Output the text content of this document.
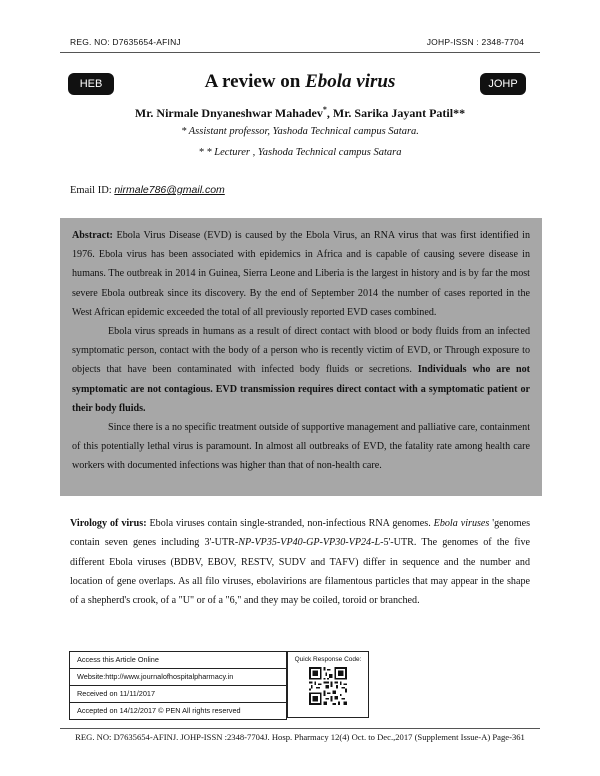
REG. NO: D7635654-AFINJ	JOHP-ISSN : 2348-7704
HEB	JOHP
A review on Ebola virus
Mr. Nirmale Dnyaneshwar Mahadev*, Mr. Sarika Jayant Patil**
* Assistant professor, Yashoda Technical campus Satara.
* * Lecturer , Yashoda Technical campus Satara
Email ID: nirmale786@gmail.com

Abstract: Ebola Virus Disease (EVD) is caused by the Ebola Virus, an RNA virus that was first identified in 1976. Ebola virus has been associated with epidemics in Africa and is capable of causing severe disease in humans. The outbreak in 2014 in Guinea, Sierra Leone and Liberia is the largest in history and is by far the most severe Ebola outbreak since its discovery. By the end of September 2014 the number of cases reported in the West African epidemic exceeded the total of all previously reported EVD cases combined.

Ebola virus spreads in humans as a result of direct contact with blood or body fluids from an infected symptomatic person, contact with the body of a person who is recently victim of EVD, or Through exposure to objects that have been contaminated with infected body fluids or secretions. Individuals who are not symptomatic are not contagious. EVD transmission requires direct contact with a symptomatic patient or their body fluids.

Since there is a no specific treatment outside of supportive management and palliative care, containment of this potentially lethal virus is paramount. In almost all outbreaks of EVD, the fatality rate among health care workers with documented infections was higher than that of non-health care.

Virology of virus: Ebola viruses contain single-stranded, non-infectious RNA genomes. Ebola viruses 'genomes contain seven genes including 3'-UTR-NP-VP35-VP40-GP-VP30-VP24-L-5'-UTR. The genomes of the five different Ebola viruses (BDBV, EBOV, RESTV, SUDV and TAFV) differ in sequence and the number and location of gene overlaps. As all filo viruses, ebolavirions are filamentous particles that may appear in the shape of a shepherd's crook, of a "U" or of a "6," and they may be coiled, toroid or branched.
Access this Article Online
Website:http://www.journalofhospitalpharmacy.in
Received on 11/11/2017
Accepted on 14/12/2017 © PEN All rights reserved
Quick Response Code:
REG. NO: D7635654-AFINJ. JOHP-ISSN :2348-7704J. Hosp. Pharmacy 12(4) Oct. to Dec.,2017 (Supplement Issue-A) Page-361
